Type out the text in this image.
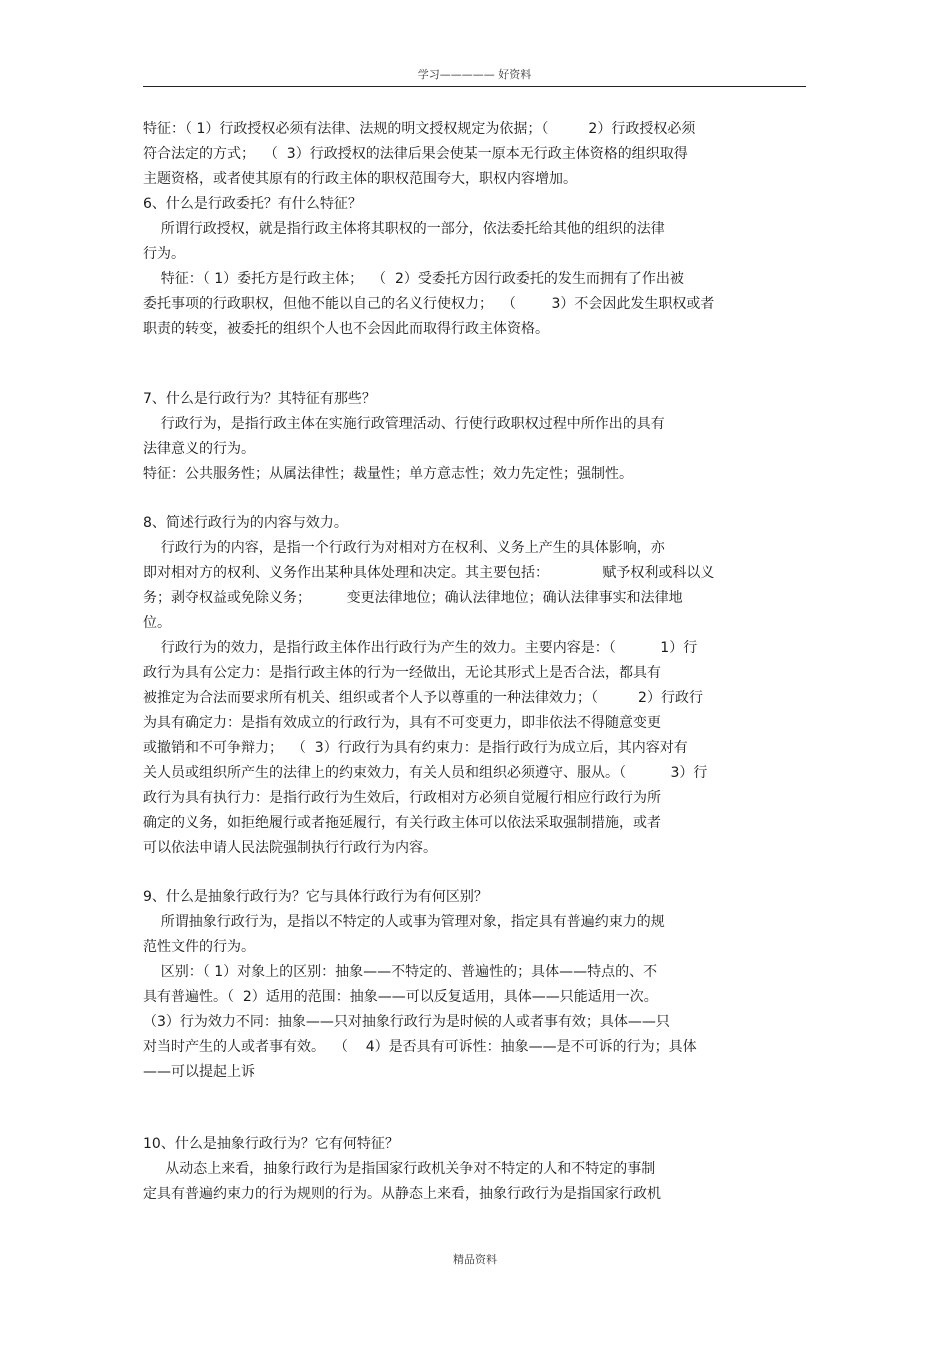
学习————— 好资料
特征：（ 1）行政授权必须有法律、法规的明文授权规定为依据；（         2）行政授权必须
符合法定的方式；  （  3）行政授权的法律后果会使某一原本无行政主体资格的组织取得
主题资格，或者使其原有的行政主体的职权范围夸大，职权内容增加。
6、什么是行政委托？有什么特征？
所谓行政授权，就是指行政主体将其职权的一部分，依法委托给其他的组织的法律
行为。
特征：（ 1）委托方是行政主体；  （  2）受委托方因行政委托的发生而拥有了作出被
委托事项的行政职权，但他不能以自己的名义行使权力；  （        3）不会因此发生职权或者
职责的转变，被委托的组织个人也不会因此而取得行政主体资格。
7、什么是行政行为？其特征有那些？
行政行为，是指行政主体在实施行政管理活动、行使行政职权过程中所作出的具有
法律意义的行为。
特征：公共服务性；从属法律性；裁量性；单方意志性；效力先定性；强制性。
8、简述行政行为的内容与效力。
行政行为的内容，是指一个行政行为对相对方在权利、义务上产生的具体影响，亦
即对相对方的权利、义务作出某种具体处理和决定。其主要包括：            赋予权利或科以义
务；剥夺权益或免除义务；        变更法律地位；确认法律地位；确认法律事实和法律地
位。
行政行为的效力，是指行政主体作出行政行为产生的效力。主要内容是：（          1）行
政行为具有公定力：是指行政主体的行为一经做出，无论其形式上是否合法，都具有
被推定为合法而要求所有机关、组织或者个人予以尊重的一种法律效力；（         2）行政行
为具有确定力：是指有效成立的行政行为，具有不可变更力，即非依法不得随意变更
或撤销和不可争辩力；  （  3）行政行为具有约束力：是指行政行为成立后，其内容对有
关人员或组织所产生的法律上的约束效力，有关人员和组织必须遵守、服从。（          3）行
政行为具有执行力：是指行政行为生效后，行政相对方必须自觉履行相应行政行为所
确定的义务，如拒绝履行或者拖延履行，有关行政主体可以依法采取强制措施，或者
可以依法申请人民法院强制执行行政行为内容。
9、什么是抽象行政行为？它与具体行政行为有何区别？
所谓抽象行政行为，是指以不特定的人或事为管理对象，指定具有普遍约束力的规
范性文件的行为。
区别：（ 1）对象上的区别：抽象——不特定的、普遍性的；具体——特点的、不
具有普遍性。（  2）适用的范围：抽象——可以反复适用，具体——只能适用一次。
（3）行为效力不同：抽象——只对抽象行政行为是时候的人或者事有效；具体——只
对当时产生的人或者事有效。  （    4）是否具有可诉性：抽象——是不可诉的行为；具体
——可以提起上诉
10、什么是抽象行政行为？它有何特征？
从动态上来看，抽象行政行为是指国家行政机关争对不特定的人和不特定的事制
定具有普遍约束力的行为规则的行为。从静态上来看，抽象行政行为是指国家行政机
精品资料
